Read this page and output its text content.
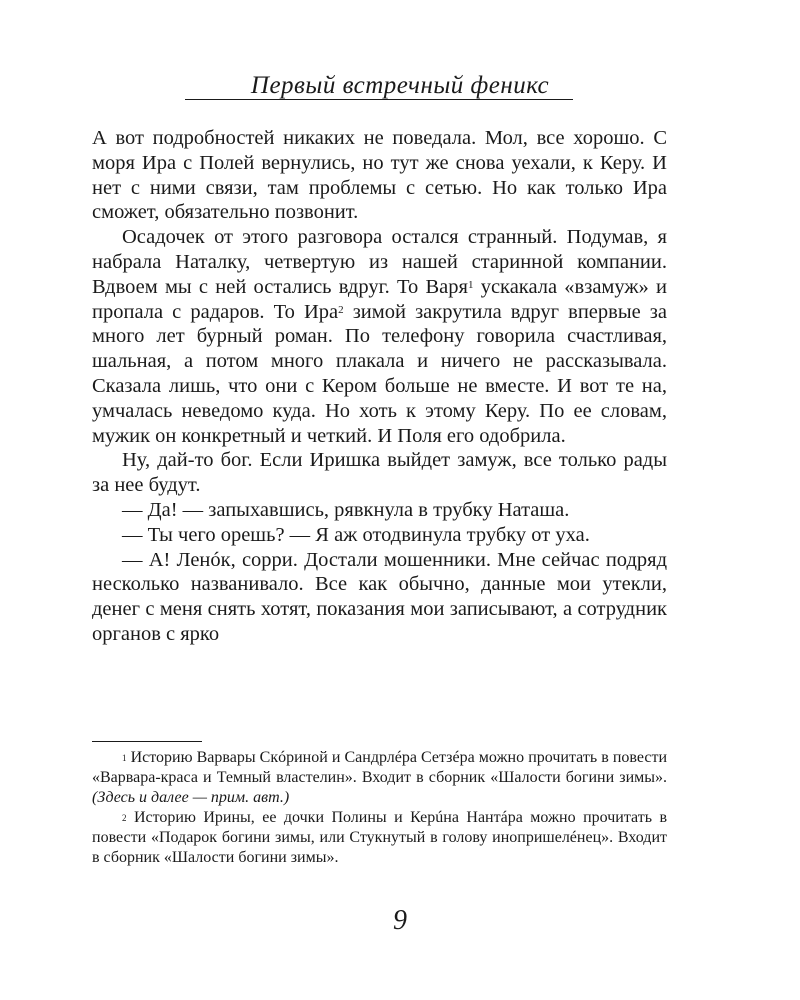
Первый встречный феникс

А вот подробностей никаких не поведала. Мол, все хорошо. С моря Ира с Полей вернулись, но тут же снова уехали, к Керу. И нет с ними связи, там проблемы с сетью. Но как только Ира сможет, обязательно позвонит.

Осадочек от этого разговора остался странный. Подумав, я набрала Наталку, четвертую из нашей старинной компании. Вдвоем мы с ней остались вдруг. То Варя$^1$ ускакала «взамуж» и пропала с радаров. То Ира$^2$ зимой закрутила вдруг впервые за много лет бурный роман. По телефону говорила счастливая, шальная, а потом много плакала и ничего не рассказывала. Сказала лишь, что они с Кером больше не вместе. И вот те на, умчалась неведомо куда. Но хоть к этому Керу. По ее словам, мужик он конкретный и четкий. И Поля его одобрила.

Ну, дай-то бог. Если Иришка выйдет замуж, все только рады за нее будут.

— Да! — запыхавшись, рявкнула в трубку Наташа.

— Ты чего орешь? — Я аж отодвинула трубку от уха.

— А! Ленóк, сорри. Достали мошенники. Мне сейчас подряд несколько названивало. Все как обычно, данные мои утекли, денег с меня снять хотят, показания мои записывают, а сотрудник органов с ярко

$^1$ Историю Варвары Скóриной и Сандрлéра Сетзéра можно прочитать в повести «Варвара-краса и Темный властелин». Входит в сборник «Шалости богини зимы». (Здесь и далее — прим. авт.)

$^2$ Историю Ирины, ее дочки Полины и Керúна Нантáра можно прочитать в повести «Подарок богини зимы, или Стукнутый в голову инопришелéнец». Входит в сборник «Шалости богини зимы».

9
